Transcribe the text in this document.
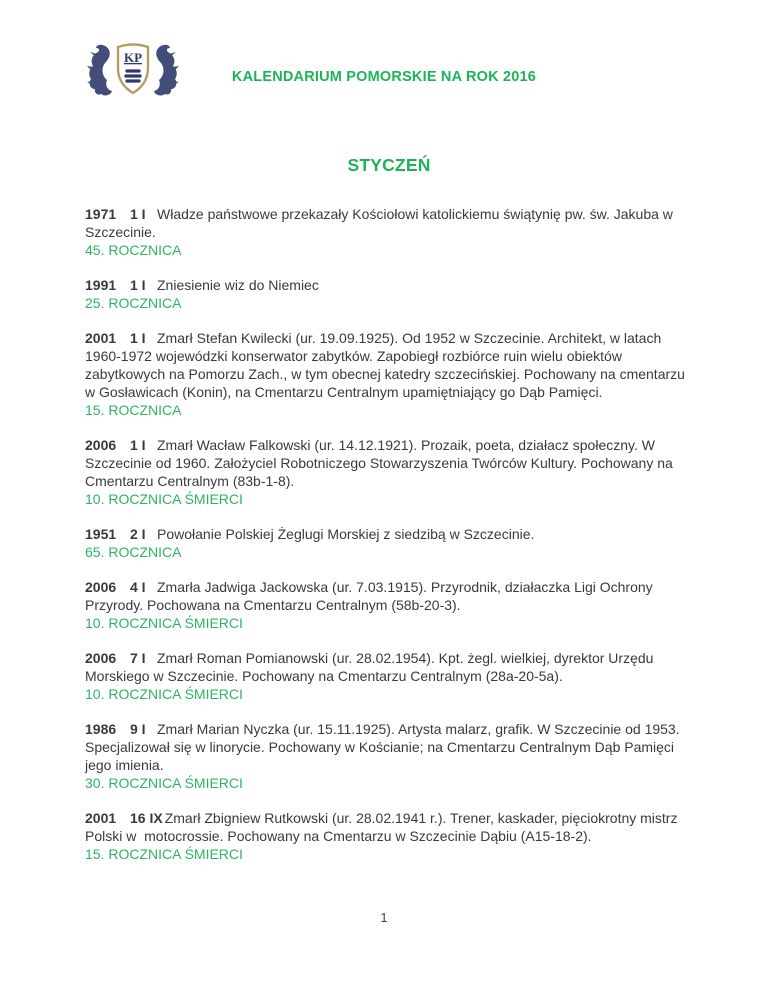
KP
KALENDARIUM POMORSKIE NA ROK 2016
STYCZEŃ

1971 1 I Władze państwowe przekazały Kościołowi katolickiemu świątynię pw. św. Jakuba w Szczecinie.

45. ROCZNICA

1991 1 I Zniesienie wiz do Niemiec

25. ROCZNICA

2001 1 I Zmarł Stefan Kwilecki (ur. 19.09.1925). Od 1952 w Szczecinie. Architekt, w latach 1960-1972 wojewódzki konserwator zabytków. Zapobiegł rozbiórce ruin wielu obiektów zabytkowych na Pomorzu Zach., w tym obecnej katedry szczecińskiej. Pochowany na cmentarzu w Gosławicach (Konin), na Cmentarzu Centralnym upamiętniający go Dąb Pamięci.

15. ROCZNICA

2006 1 I Zmarł Wacław Falkowski (ur. 14.12.1921). Prozaik, poeta, działacz społeczny. W Szczecinie od 1960. Założyciel Robotniczego Stowarzyszenia Twórców Kultury. Pochowany na Cmentarzu Centralnym (83b-1-8).

10. ROCZNICA ŚMIERCI

1951 2 I Powołanie Polskiej Żeglugi Morskiej z siedzibą w Szczecinie.

65. ROCZNICA

2006 4 I Zmarła Jadwiga Jackowska (ur. 7.03.1915). Przyrodnik, działaczka Ligi Ochrony Przyrody. Pochowana na Cmentarzu Centralnym (58b-20-3).

10. ROCZNICA ŚMIERCI

2006 7 I Zmarł Roman Pomianowski (ur. 28.02.1954). Kpt. żegl. wielkiej, dyrektor Urzędu Morskiego w Szczecinie. Pochowany na Cmentarzu Centralnym (28a-20-5a).

10. ROCZNICA ŚMIERCI

1986 9 I Zmarł Marian Nyczka (ur. 15.11.1925). Artysta malarz, grafik. W Szczecinie od 1953. Specjalizował się w linorycie. Pochowany w Kościanie; na Cmentarzu Centralnym Dąb Pamięci jego imienia.

30. ROCZNICA ŚMIERCI

2001 16 IX Zmarł Zbigniew Rutkowski (ur. 28.02.1941 r.). Trener, kaskader, pięciokrotny mistrz Polski w  motocrossie. Pochowany na Cmentarzu w Szczecinie Dąbiu (A15-18-2).

15. ROCZNICA ŚMIERCI

1
